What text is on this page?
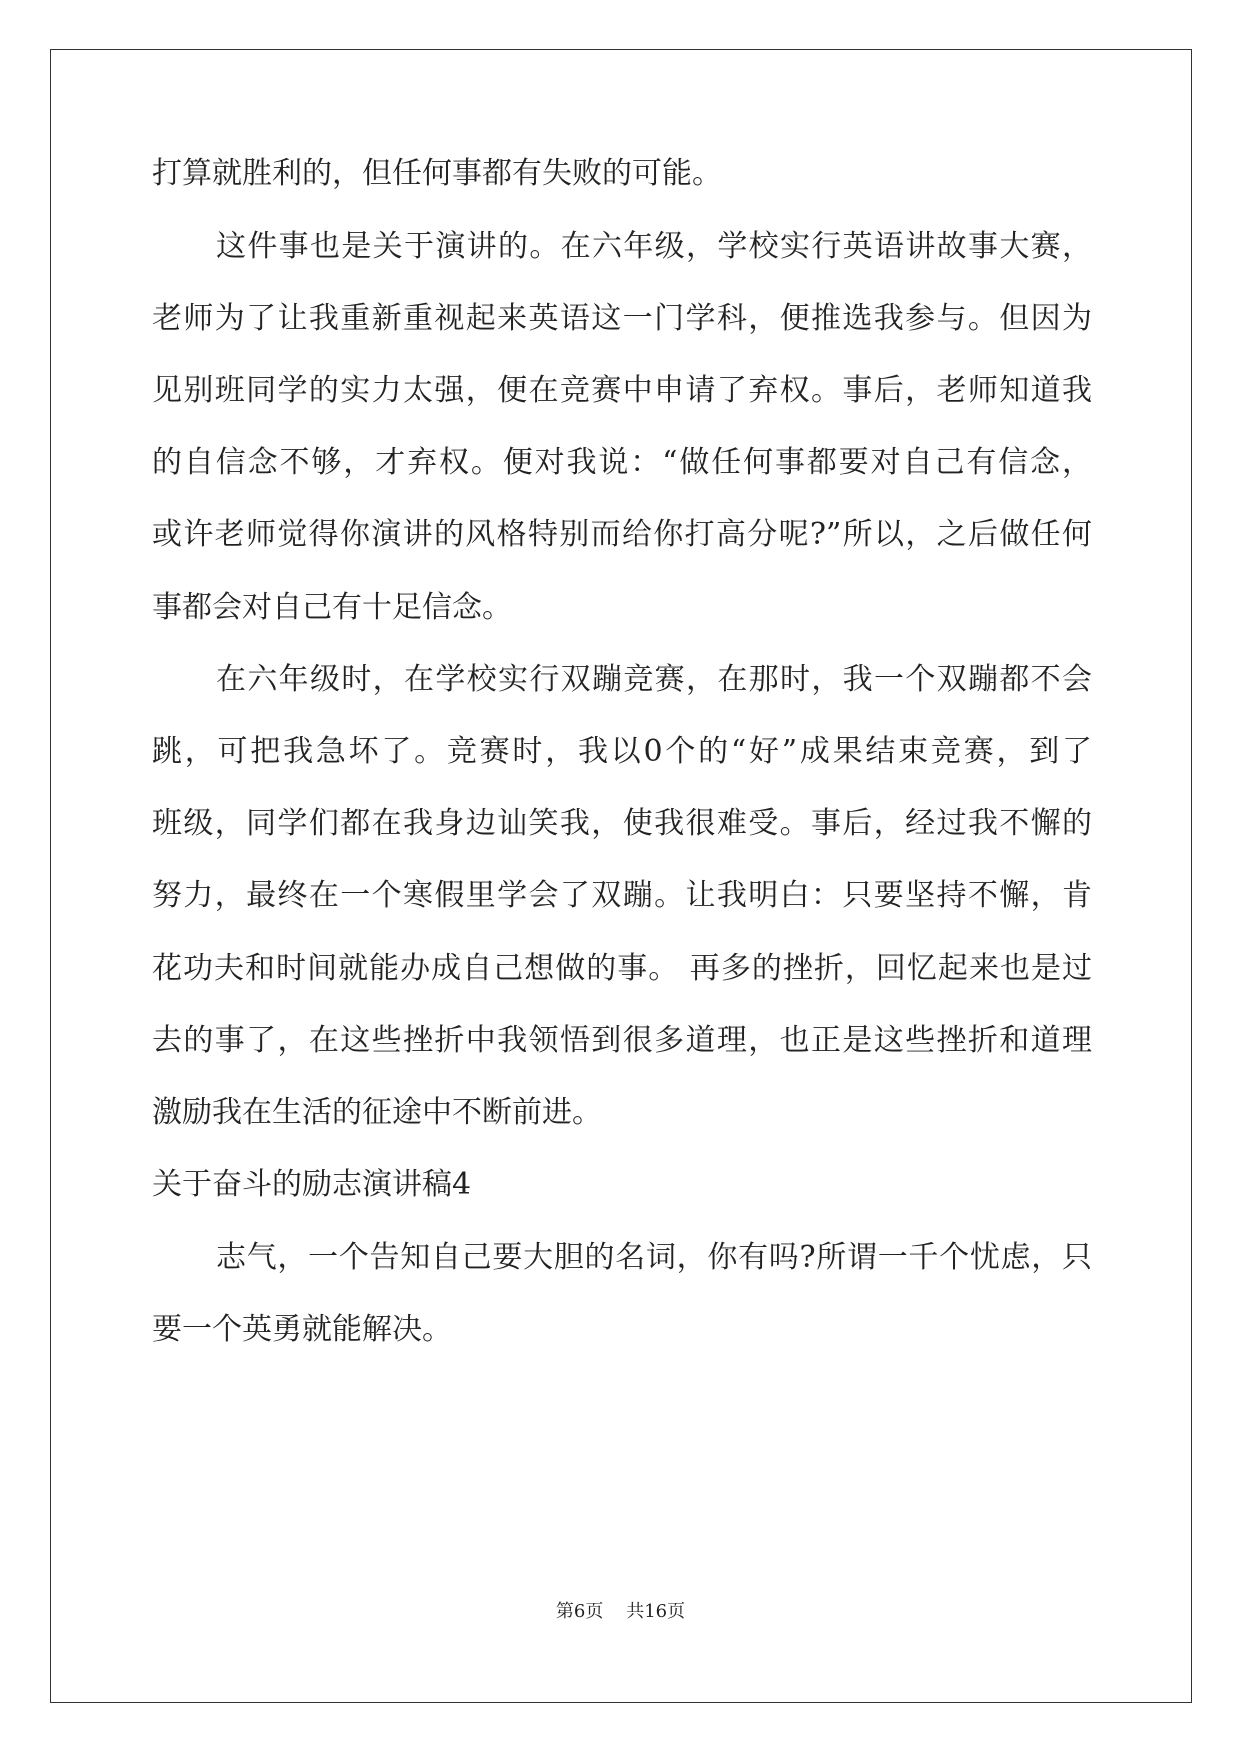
打算就胜利的，但任何事都有失败的可能。
这件事也是关于演讲的。在六年级，学校实行英语讲故事大赛，
老师为了让我重新重视起来英语这一门学科，便推选我参与。但因为
见别班同学的实力太强，便在竞赛中申请了弃权。事后，老师知道我
的自信念不够，才弃权。便对我说：“做任何事都要对自己有信念，
或许老师觉得你演讲的风格特别而给你打高分呢?”所以，之后做任何
事都会对自己有十足信念。
在六年级时，在学校实行双蹦竞赛，在那时，我一个双蹦都不会
跳，可把我急坏了。竞赛时，我以0个的“好”成果结束竞赛，到了
班级，同学们都在我身边讪笑我，使我很难受。事后，经过我不懈的
努力，最终在一个寒假里学会了双蹦。让我明白：只要坚持不懈，肯
花功夫和时间就能办成自己想做的事。 再多的挫折，回忆起来也是过
去的事了，在这些挫折中我领悟到很多道理，也正是这些挫折和道理
激励我在生活的征途中不断前进。
关于奋斗的励志演讲稿4
志气，一个告知自己要大胆的名词，你有吗?所谓一千个忧虑，只
要一个英勇就能解决。
第6页 共16页
